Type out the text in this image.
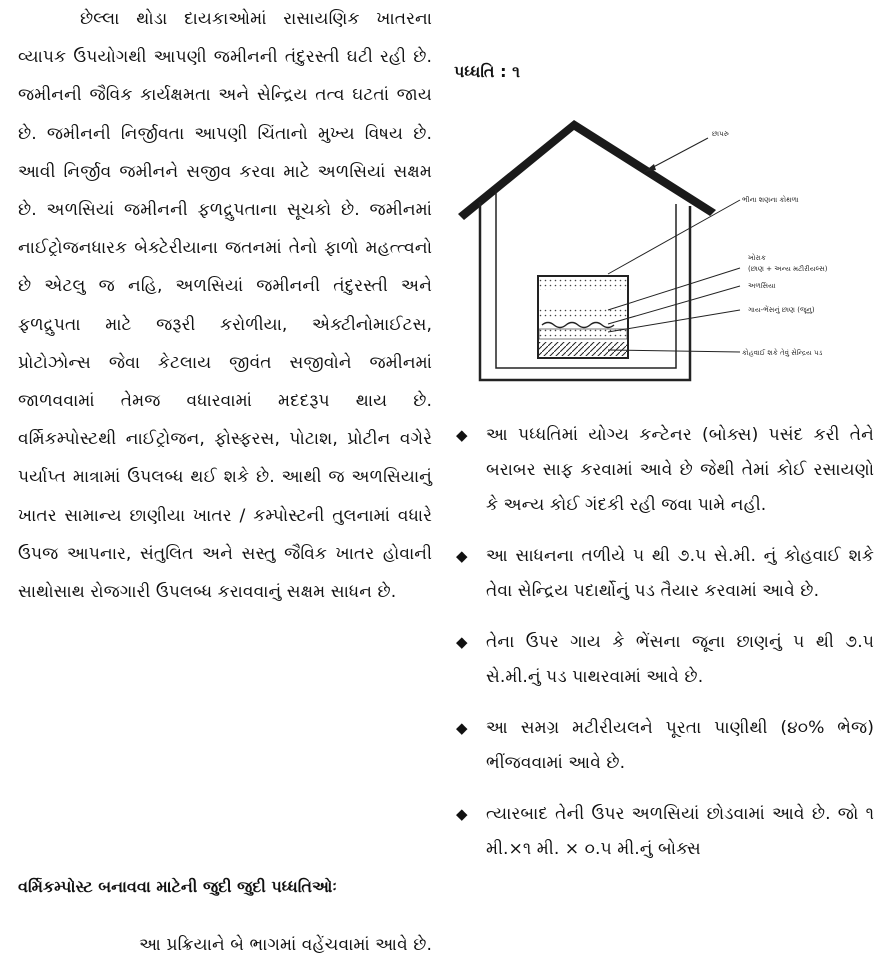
છેલ્લા થોડા દાયકાઓમાં રાસાયણિક ખાતરના વ્યાપક ઉપયોગથી આપણી જમીનની તંદુરસ્તી ઘટી રહી છે. જમીનની જૈવિક કાર્યક્ષમતા અને સેન્દ્રિય તત્વ ઘટતાં જાય છે. જમીનની નિર્જીવતા આપણી ચિંતાનો મુખ્ય વિષય છે. આવી નિર્જીવ જમીનને સજીવ કરવા માટે અળસિયાં સક્ષમ છે. અળસિયાં જમીનની ફળદ્રુપતાના સૂચકો છે. જમીનમાં નાઈટ્રોજનધારક બેક્ટેરીયાના જતનમાં તેનો ફાળો મહત્ત્વનો છે એટલુ જ નહિ, અળસિયાં જમીનની તંદુરસ્તી અને ફળદ્રુપતા માટે જરૂરી કરોળીયા, એક્ટીનોમાઈટસ, પ્રોટોઝોન્સ જેવા કેટલાય જીવંત સજીવોને જમીનમાં જાળવવામાં તેમજ વધારવામાં મદદરૂપ થાય છે. વર્મિકમ્પોસ્ટથી નાઈટ્રોજન, ફોસ્ફરસ, પોટાશ, પ્રોટીન વગેરે પર્યાપ્ત માત્રામાં ઉપલબ્ધ થઈ શકે છે. આથી જ અળસિયાનું ખાતર સામાન્ય છાણીયા ખાતર / કમ્પોસ્ટની તુલનામાં વધારે ઉપજ આપનાર, સંતુલિત અને સસ્તુ જૈવિક ખાતર હોવાની સાથોસાથ રોજગારી ઉપલબ્ધ કરાવવાનું સક્ષમ સાધન છે.

વર્મિકમ્પોસ્ટ બનાવવા માટેની જુદી જુદી પધ્ધતિઓઃ
આ પ્રક્રિયાને બે ભાગમાં વહેંચવામાં આવે છે.
પધ્ધતિ : ૧
છાપરુ
ભીના શણના કોથળા
ખોરાક
(છાણ + અન્ય મટીરીયલ્સ)
અળસિયા
ગાય-ભેંસનું છાણ (જૂનુ)
કોહવાઈ શકે તેવું સેન્દ્રિય પડ
◆ આ પધ્ધતિમાં યોગ્ય કન્ટેનર (બોક્સ) પસંદ કરી તેને બરાબર સાફ કરવામાં આવે છે જેથી તેમાં કોઈ રસાયણો કે અન્ય કોઈ ગંદકી રહી જવા પામે નહી.
◆ આ સાધનના તળીયે ૫ થી ૭.૫ સે.મી. નું કોહવાઈ શકે તેવા સેન્દ્રિય પદાર્થોનું પડ તૈયાર કરવામાં આવે છે.
◆ તેના ઉપર ગાય કે ભેંસના જૂના છાણનું ૫ થી ૭.૫ સે.મી.નું પડ પાથરવામાં આવે છે.
◆ આ સમગ્ર મટીરીયલને પૂરતા પાણીથી (૪૦% ભેજ) ભીંજવવામાં આવે છે.
◆ ત્યારબાદ તેની ઉપર અળસિયાં છોડવામાં આવે છે. જો ૧ મી.×૧ મી. × ૦.૫ મી.નું બોક્સ
